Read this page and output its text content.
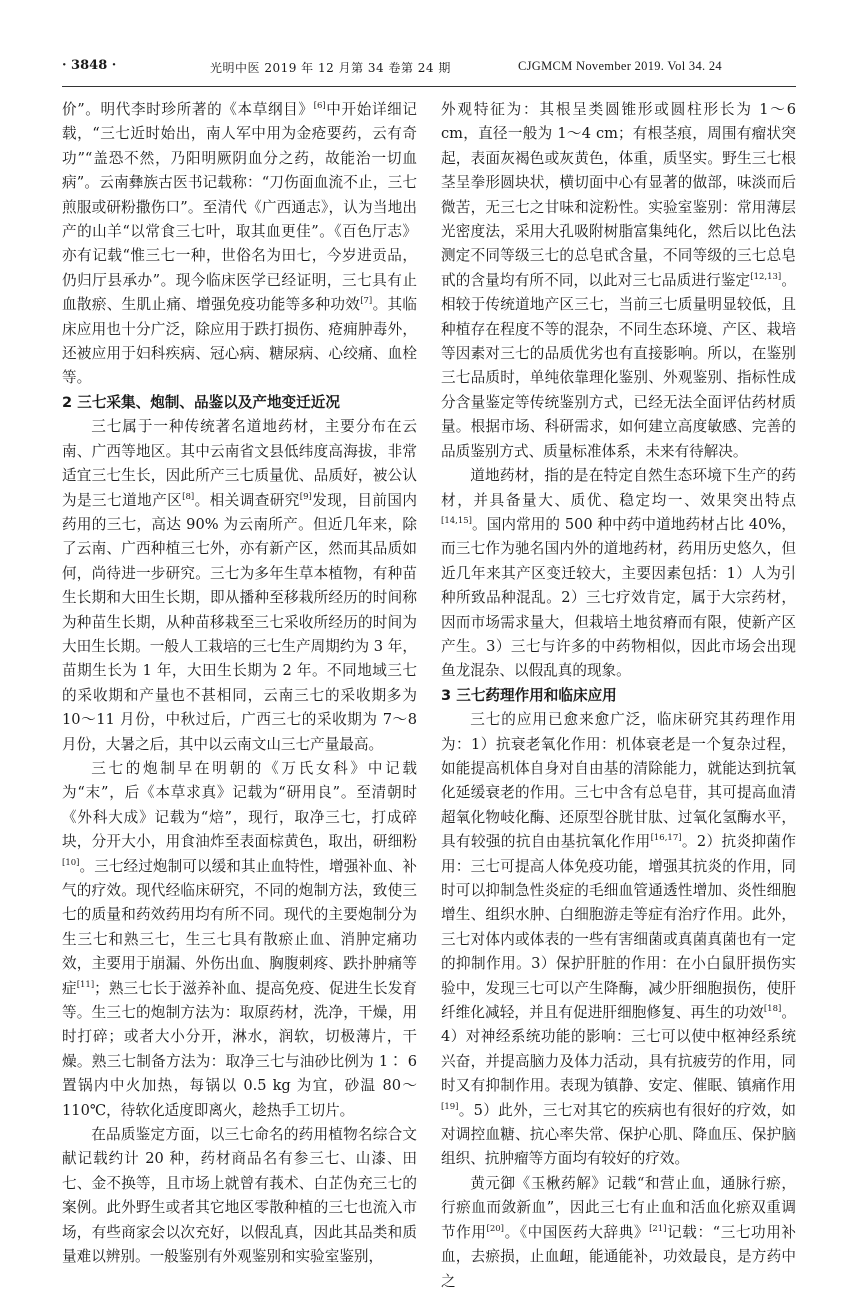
· 3848 ·	光明中医 2019 年 12 月第 34 卷第 24 期	CJGMCM November 2019. Vol 34. 24

价”。明代李时珍所著的《本草纲目》[6]中开始详细记载，“三七近时始出，南人军中用为金疮要药，云有奇功”“盖恐不然，乃阳明厥阴血分之药，故能治一切血病”。云南彝族古医书记载称：“刀伤面血流不止，三七煎服或研粉撒伤口”。至清代《广西通志》，认为当地出产的山羊“以常食三七叶，取其血更佳”。《百色厅志》亦有记载“惟三七一种，世俗名为田七，今岁进贡品，仍归厅县承办”。现今临床医学已经证明，三七具有止血散瘀、生肌止痛、增强免疫功能等多种功效[7]。其临床应用也十分广泛，除应用于跌打损伤、疮痈肿毒外，还被应用于妇科疾病、冠心病、糖尿病、心绞痛、血栓等。

2 三七采集、炮制、品鉴以及产地变迁近况

三七属于一种传统著名道地药材，主要分布在云南、广西等地区。其中云南省文县低纬度高海拔，非常适宜三七生长，因此所产三七质量优、品质好，被公认为是三七道地产区[8]。相关调查研究[9]发现，目前国内药用的三七，高达 90% 为云南所产。但近几年来，除了云南、广西种植三七外，亦有新产区，然而其品质如何，尚待进一步研究。三七为多年生草本植物，有种苗生长期和大田生长期，即从播种至移栽所经历的时间称为种苗生长期，从种苗移栽至三七采收所经历的时间为大田生长期。一般人工栽培的三七生产周期约为 3 年，苗期生长为 1 年，大田生长期为 2 年。不同地域三七的采收期和产量也不甚相同，云南三七的采收期多为 10～11 月份，中秋过后，广西三七的采收期为 7～8 月份，大暑之后，其中以云南文山三七产量最高。

三七的炮制早在明朝的《万氏女科》中记载为“末”，后《本草求真》记载为“研用良”。至清朝时《外科大成》记载为“焙”，现行，取净三七，打成碎块，分开大小，用食油炸至表面棕黄色，取出，研细粉[10]。三七经过炮制可以缓和其止血特性，增强补血、补气的疗效。现代经临床研究，不同的炮制方法，致使三七的质量和药效药用均有所不同。现代的主要炮制分为生三七和熟三七，生三七具有散瘀止血、消肿定痛功效，主要用于崩漏、外伤出血、胸腹刺疼、跌扑肿痛等症[11]；熟三七长于滋养补血、提高免疫、促进生长发育等。生三七的炮制方法为：取原药材，洗净，干燥，用时打碎；或者大小分开，淋水，润软，切极薄片，干燥。熟三七制备方法为：取净三七与油砂比例为 1∶ 6 置锅内中火加热，每锅以 0.5 kg 为宜，砂温 80～110℃，待软化适度即离火，趁热手工切片。

在品质鉴定方面，以三七命名的药用植物名综合文献记载约计 20 种，药材商品名有参三七、山漆、田七、金不换等，且市场上就曾有莪术、白芷伪充三七的案例。此外野生或者其它地区零散种植的三七也流入市场，有些商家会以次充好，以假乱真，因此其品类和质量难以辨别。一般鉴别有外观鉴别和实验室鉴别，

外观特征为：其根呈类圆锥形或圆柱形长为 1～6 cm，直径一般为 1～4 cm；有根茎痕，周围有瘤状突起，表面灰褐色或灰黄色，体重，质坚实。野生三七根茎呈拳形圆块状，横切面中心有显著的做部，味淡而后微苦，无三七之甘味和淀粉性。实验室鉴别：常用薄层光密度法，采用大孔吸附树脂富集纯化，然后以比色法测定不同等级三七的总皂甙含量，不同等级的三七总皂甙的含量均有所不同，以此对三七品质进行鉴定[12,13]。相较于传统道地产区三七，当前三七质量明显较低，且种植存在程度不等的混杂，不同生态环境、产区、栽培等因素对三七的品质优劣也有直接影响。所以，在鉴别三七品质时，单纯依靠理化鉴别、外观鉴别、指标性成分含量鉴定等传统鉴别方式，已经无法全面评估药材质量。根据市场、科研需求，如何建立高度敏感、完善的品质鉴别方式、质量标准体系，未来有待解决。

道地药材，指的是在特定自然生态环境下生产的药材，并具备量大、质优、稳定均一、效果突出特点[14,15]。国内常用的 500 种中药中道地药材占比 40%，而三七作为驰名国内外的道地药材，药用历史悠久，但近几年来其产区变迁较大，主要因素包括：1）人为引种所致品种混乱。2）三七疗效肯定，属于大宗药材，因而市场需求量大，但栽培土地贫瘠而有限，使新产区产生。3）三七与许多的中药物相似，因此市场会出现鱼龙混杂、以假乱真的现象。

3 三七药理作用和临床应用

三七的应用已愈来愈广泛，临床研究其药理作用为：1）抗衰老氧化作用：机体衰老是一个复杂过程，如能提高机体自身对自由基的清除能力，就能达到抗氧化延缓衰老的作用。三七中含有总皂苷，其可提高血清超氧化物岐化酶、还原型谷胱甘肽、过氧化氢酶水平，具有较强的抗自由基抗氧化作用[16,17]。2）抗炎抑菌作用：三七可提高人体免疫功能，增强其抗炎的作用，同时可以抑制急性炎症的毛细血管通透性增加、炎性细胞增生、组织水肿、白细胞游走等症有治疗作用。此外，三七对体内或体表的一些有害细菌或真菌真菌也有一定的抑制作用。3）保护肝脏的作用：在小白鼠肝损伤实验中，发现三七可以产生降酶，减少肝细胞损伤，使肝纤维化减轻，并且有促进肝细胞修复、再生的功效[18]。4）对神经系统功能的影响：三七可以使中枢神经系统兴奋，并提高脑力及体力活动，具有抗疲劳的作用，同时又有抑制作用。表现为镇静、安定、催眠、镇痛作用[19]。5）此外，三七对其它的疾病也有很好的疗效，如对调控血糖、抗心率失常、保护心肌、降血压、保护脑组织、抗肿瘤等方面均有较好的疗效。

黄元御《玉楸药解》记载“和营止血，通脉行瘀，行瘀血而敛新血”，因此三七有止血和活血化瘀双重调节作用[20]。《中国医药大辞典》[21]记载：“三七功用补血，去瘀损，止血衄，能通能补，功效最良，是方药中之
